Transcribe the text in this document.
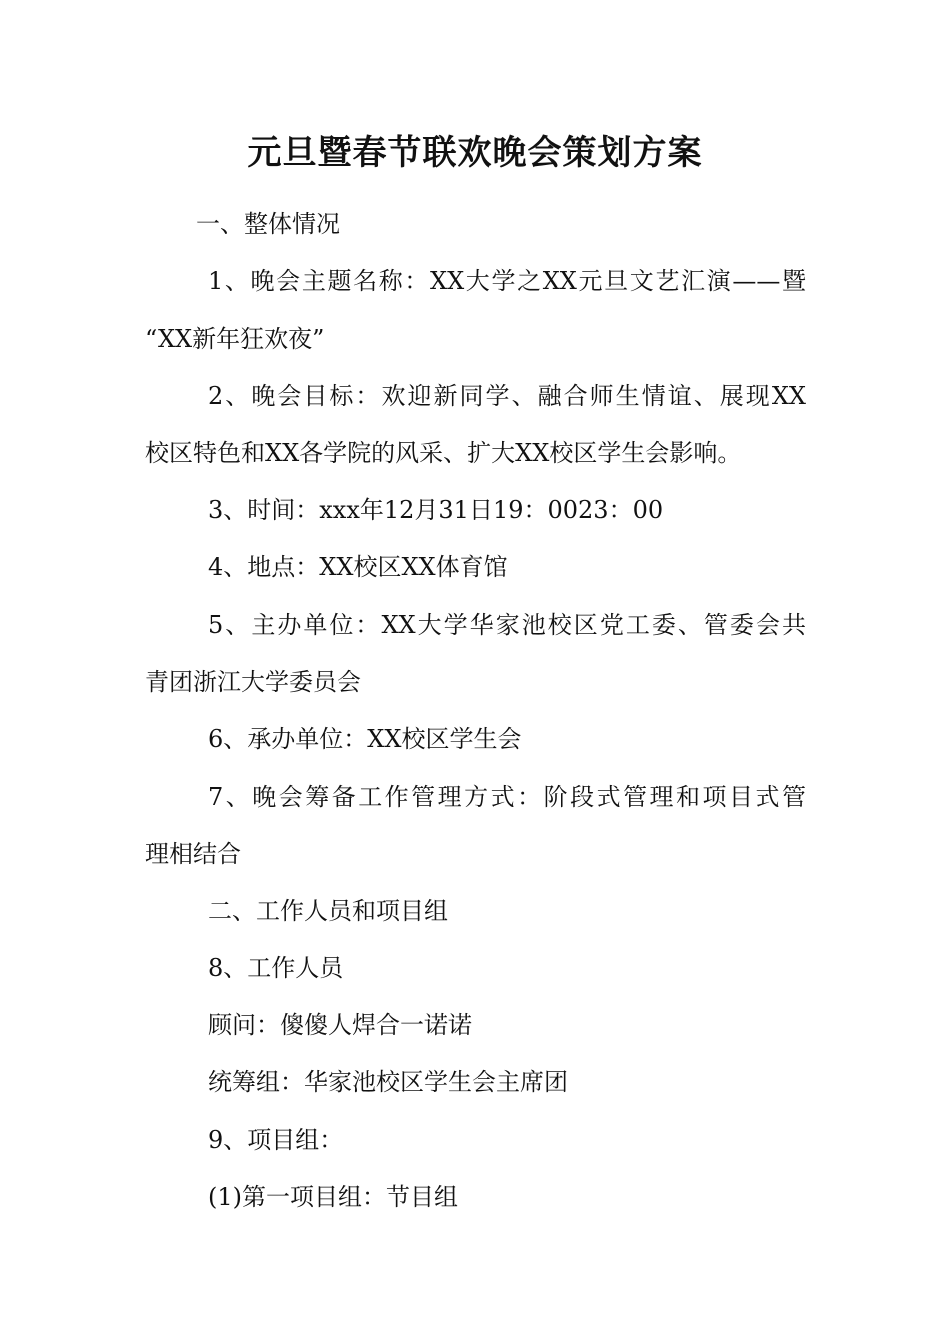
元旦暨春节联欢晚会策划方案
一、整体情况
1、晚会主题名称：XX大学之XX元旦文艺汇演——暨
“XX新年狂欢夜”
2、晚会目标：欢迎新同学、融合师生情谊、展现XX
校区特色和XX各学院的风采、扩大XX校区学生会影响。
3、时间：xxx年12月31日19：0023：00
4、地点：XX校区XX体育馆
5、主办单位：XX大学华家池校区党工委、管委会共
青团浙江大学委员会
6、承办单位：XX校区学生会
7、晚会筹备工作管理方式：阶段式管理和项目式管
理相结合
二、工作人员和项目组
8、工作人员
顾问：傻傻人焊合一诺诺
统筹组：华家池校区学生会主席团
9、项目组：
(1)第一项目组：节目组
